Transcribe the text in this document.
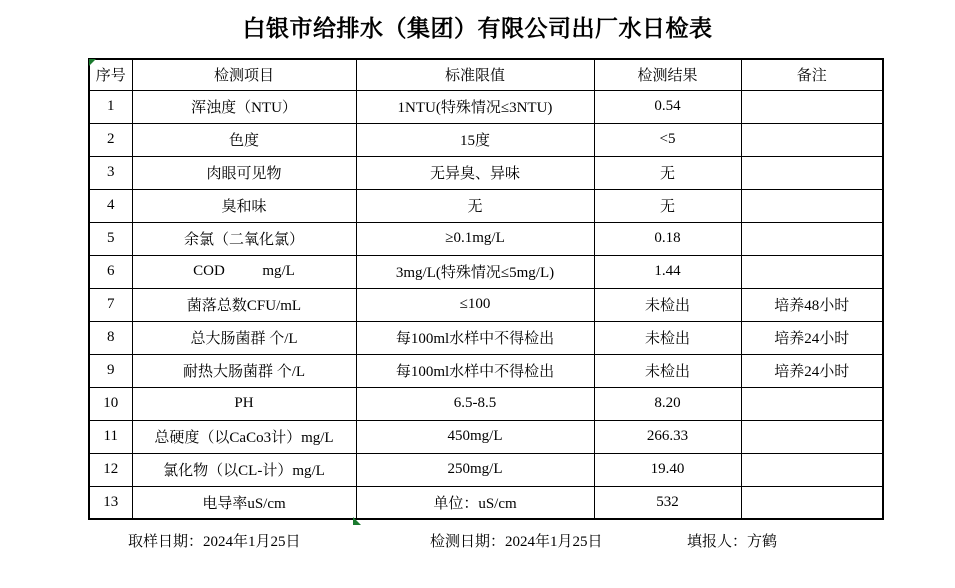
白银市给排水（集团）有限公司出厂水日检表
序号	检测项目	标准限值	检测结果	备注
1	浑浊度（NTU）	1NTU(特殊情况≤3NTU)	0.54	
2	色度	15度	<5	
3	肉眼可见物	无异臭、异味	无	
4	臭和味	无	无	
5	余氯（二氧化氯）	≥0.1mg/L	0.18	
6	COD          mg/L	3mg/L(特殊情况≤5mg/L)	1.44	
7	菌落总数CFU/mL	≤100	未检出	培养48小时
8	总大肠菌群 个/L	每100ml水样中不得检出	未检出	培养24小时
9	耐热大肠菌群 个/L	每100ml水样中不得检出	未检出	培养24小时
10	PH	6.5-8.5	8.20	
11	总硬度（以CaCo3计）mg/L	450mg/L	266.33	
12	氯化物（以CL-计）mg/L	250mg/L	19.40	
13	电导率uS/cm	单位：uS/cm	532	
取样日期：2024年1月25日	检测日期：2024年1月25日	填报人：方鹤
